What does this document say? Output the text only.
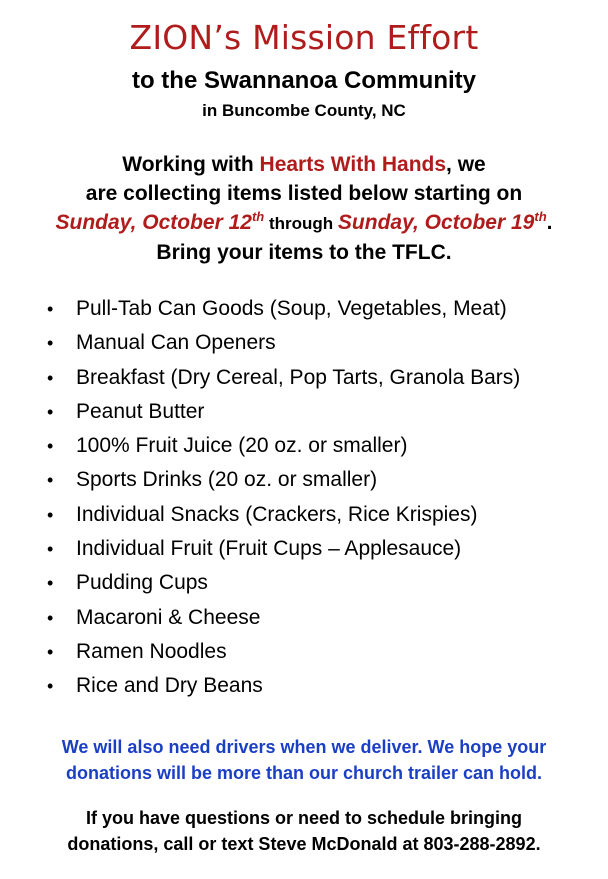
ZION’s Mission Effort
to the Swannanoa Community
in Buncombe County, NC
Working with Hearts With Hands, we
are collecting items listed below starting on
Sunday, October 12th through Sunday, October 19th.
Bring your items to the TFLC.
• Pull-Tab Can Goods (Soup, Vegetables, Meat)
• Manual Can Openers
• Breakfast (Dry Cereal, Pop Tarts, Granola Bars)
• Peanut Butter
• 100% Fruit Juice (20 oz. or smaller)
• Sports Drinks (20 oz. or smaller)
• Individual Snacks (Crackers, Rice Krispies)
• Individual Fruit (Fruit Cups – Applesauce)
• Pudding Cups
• Macaroni & Cheese
• Ramen Noodles
• Rice and Dry Beans
We will also need drivers when we deliver. We hope your
donations will be more than our church trailer can hold.
If you have questions or need to schedule bringing
donations, call or text Steve McDonald at 803-288-2892.
